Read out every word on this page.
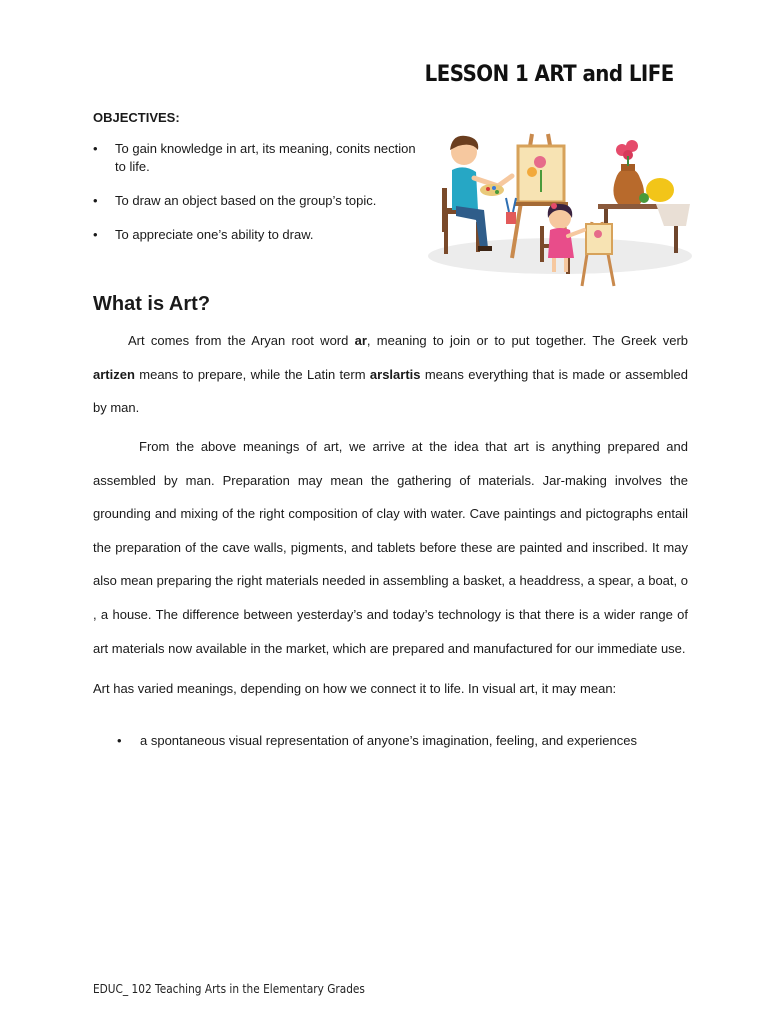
LESSON 1 ART and LIFE

OBJECTIVES:

• To gain knowledge in art, its meaning, conits nection to life.
• To draw an object based on the group’s topic.
• To appreciate one’s ability to draw.
What is Art?

Art comes from the Aryan root word ar, meaning to join or to put together. The Greek verb artizen means to prepare, while the Latin term arslartis means everything that is made or assembled by man.

From the above meanings of art, we arrive at the idea that art is anything prepared and assembled by man. Preparation may mean the gathering of materials. Jar-making involves the grounding and mixing of the right composition of clay with water. Cave paintings and pictographs entail the preparation of the cave walls, pigments, and tablets before these are painted and inscribed. It may also mean preparing the right materials needed in assembling a basket, a headdress, a spear, a boat, o , a house. The difference between yesterday’s and today’s technology is that there is a wider range of art materials now available in the market, which are prepared and manufactured for our immediate use.

Art has varied meanings, depending on how we connect it to life. In visual art, it may mean:

• a spontaneous visual representation of anyone’s imagination, feeling, and experiences
EDUC_ 102 Teaching Arts in the Elementary Grades
